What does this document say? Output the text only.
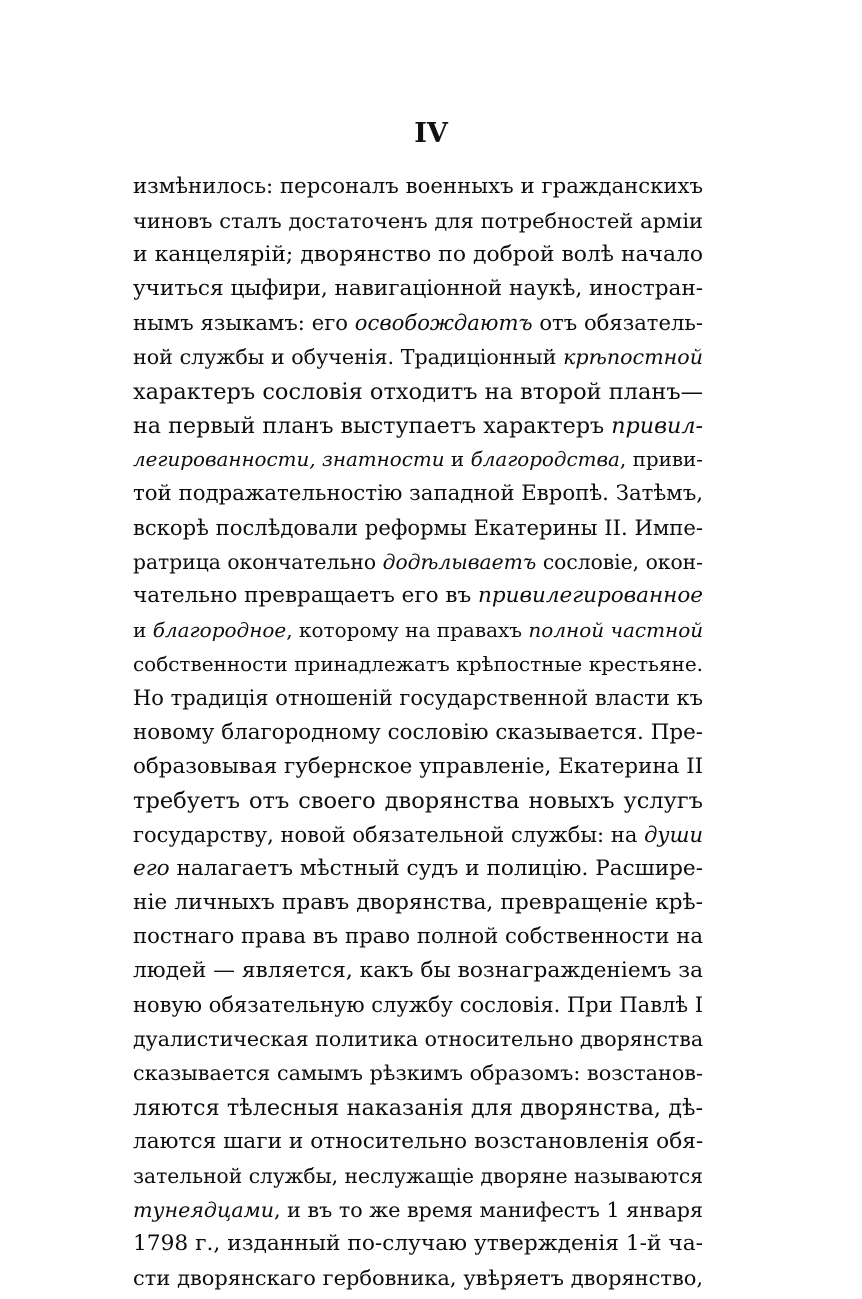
IV
измѣнилось: персоналъ военныхъ и гражданскихъ
чиновъ сталъ достаточенъ для потребностей арміи
и канцелярій; дворянство по доброй волѣ начало
учиться цыфири, навигаціонной наукѣ, иностран-
нымъ языкамъ: его освобождаютъ отъ обязатель-
ной службы и обученія. Традиціонный крѣпостной
характеръ сословія отходитъ на второй планъ—
на первый планъ выступаетъ характеръ привил-
легированности, знатности и благородства, приви-
той подражательностію западной Европѣ. Затѣмъ,
вскорѣ послѣдовали реформы Екатерины II. Импе-
ратрица окончательно додѣлываетъ сословіе, окон-
чательно превращаетъ его въ привилегированное
и благородное, которому на правахъ полной частной
собственности принадлежатъ крѣпостные крестьяне.
Но традиція отношеній государственной власти къ
новому благородному сословію сказывается. Пре-
образовывая губернское управленіе, Екатерина II
требуетъ отъ своего дворянства новыхъ услугъ
государству, новой обязательной службы: на души
его налагаетъ мѣстный судъ и полицію. Расшире-
ніе личныхъ правъ дворянства, превращеніе крѣ-
постнаго права въ право полной собственности на
людей — является, какъ бы вознагражденіемъ за
новую обязательную службу сословія. При Павлѣ I
дуалистическая политика относительно дворянства
сказывается самымъ рѣзкимъ образомъ: возстанов-
ляются тѣлесныя наказанія для дворянства, дѣ-
лаются шаги и относительно возстановленія обя-
зательной службы, неслужащіе дворяне называются
тунеядцами, и въ то же время манифестъ 1 января
1798 г., изданный по-случаю утвержденія 1-й ча-
сти дворянскаго гербовника, увѣряетъ дворянство,
